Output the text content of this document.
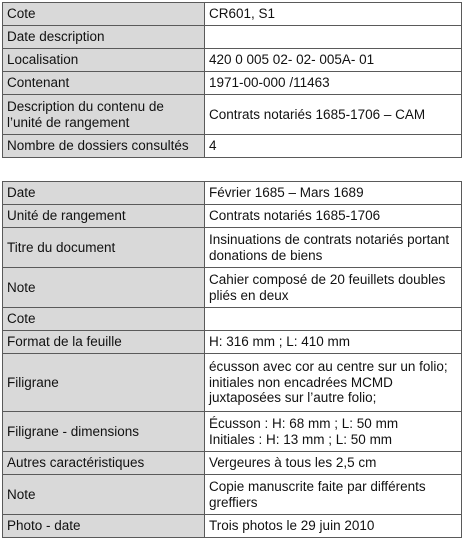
Cote	CR601, S1
Date description	
Localisation	420 0 005 02- 02- 005A- 01
Contenant	1971-00-000 /11463
Description du contenu de l’unité de rangement	Contrats notariés 1685-1706 – CAM
Nombre de dossiers consultés	4
Date	Février 1685 – Mars 1689
Unité de rangement	Contrats notariés 1685-1706
Titre du document	Insinuations de contrats notariés portant donations de biens
Note	Cahier composé de 20 feuillets doubles pliés en deux
Cote	
Format de la feuille	H: 316 mm ; L: 410 mm
Filigrane	écusson avec cor au centre sur un folio; initiales non encadrées MCMD juxtaposées sur l’autre folio;
Filigrane - dimensions	Écusson : H: 68 mm ; L: 50 mm
Initiales : H: 13 mm ; L: 50 mm

Autres caractéristiques	Vergeures à tous les 2,5 cm
Note	Copie manuscrite faite par différents greffiers
Photo - date	Trois photos le 29 juin 2010
